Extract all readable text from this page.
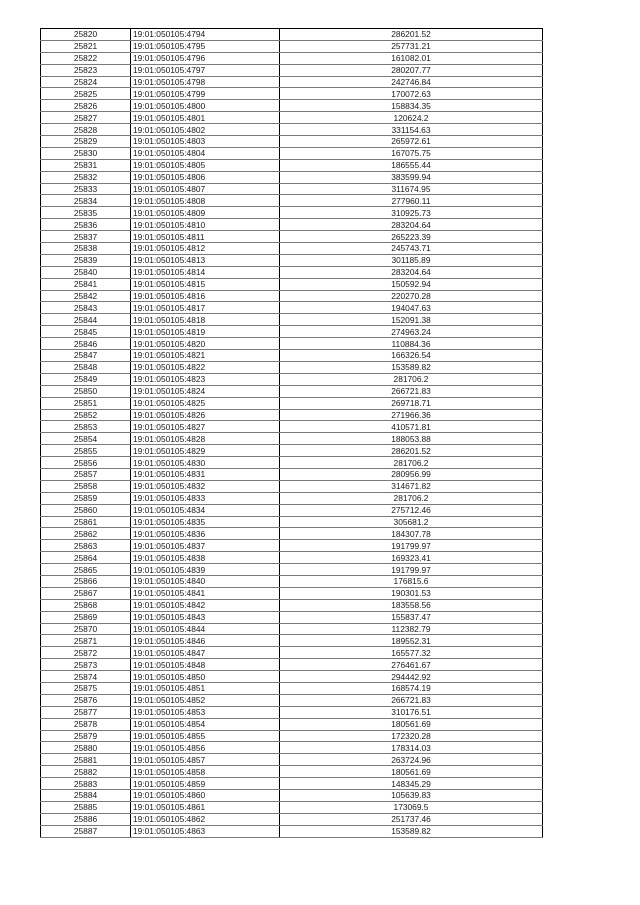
25820	19:01:050105:4794	286201.52
25821	19:01:050105:4795	257731.21
25822	19:01:050105:4796	161082.01
25823	19:01:050105:4797	280207.77
25824	19:01:050105:4798	242746.84
25825	19:01:050105:4799	170072.63
25826	19:01:050105:4800	158834.35
25827	19:01:050105:4801	120624.2
25828	19:01:050105:4802	331154.63
25829	19:01:050105:4803	265972.61
25830	19:01:050105:4804	167075.75
25831	19:01:050105:4805	186555.44
25832	19:01:050105:4806	383599.94
25833	19:01:050105:4807	311674.95
25834	19:01:050105:4808	277960.11
25835	19:01:050105:4809	310925.73
25836	19:01:050105:4810	283204.64
25837	19:01:050105:4811	265223.39
25838	19:01:050105:4812	245743.71
25839	19:01:050105:4813	301185.89
25840	19:01:050105:4814	283204.64
25841	19:01:050105:4815	150592.94
25842	19:01:050105:4816	220270.28
25843	19:01:050105:4817	194047.63
25844	19:01:050105:4818	152091.38
25845	19:01:050105:4819	274963.24
25846	19:01:050105:4820	110884.36
25847	19:01:050105:4821	166326.54
25848	19:01:050105:4822	153589.82
25849	19:01:050105:4823	281706.2
25850	19:01:050105:4824	266721.83
25851	19:01:050105:4825	269718.71
25852	19:01:050105:4826	271966.36
25853	19:01:050105:4827	410571.81
25854	19:01:050105:4828	188053.88
25855	19:01:050105:4829	286201.52
25856	19:01:050105:4830	281706.2
25857	19:01:050105:4831	280956.99
25858	19:01:050105:4832	314671.82
25859	19:01:050105:4833	281706.2
25860	19:01:050105:4834	275712.46
25861	19:01:050105:4835	305681.2
25862	19:01:050105:4836	184307.78
25863	19:01:050105:4837	191799.97
25864	19:01:050105:4838	169323.41
25865	19:01:050105:4839	191799.97
25866	19:01:050105:4840	176815.6
25867	19:01:050105:4841	190301.53
25868	19:01:050105:4842	183558.56
25869	19:01:050105:4843	155837.47
25870	19:01:050105:4844	112382.79
25871	19:01:050105:4846	189552.31
25872	19:01:050105:4847	165577.32
25873	19:01:050105:4848	276461.67
25874	19:01:050105:4850	294442.92
25875	19:01:050105:4851	168574.19
25876	19:01:050105:4852	266721.83
25877	19:01:050105:4853	310176.51
25878	19:01:050105:4854	180561.69
25879	19:01:050105:4855	172320.28
25880	19:01:050105:4856	178314.03
25881	19:01:050105:4857	263724.96
25882	19:01:050105:4858	180561.69
25883	19:01:050105:4859	148345.29
25884	19:01:050105:4860	105639.83
25885	19:01:050105:4861	173069.5
25886	19:01:050105:4862	251737.46
25887	19:01:050105:4863	153589.82
